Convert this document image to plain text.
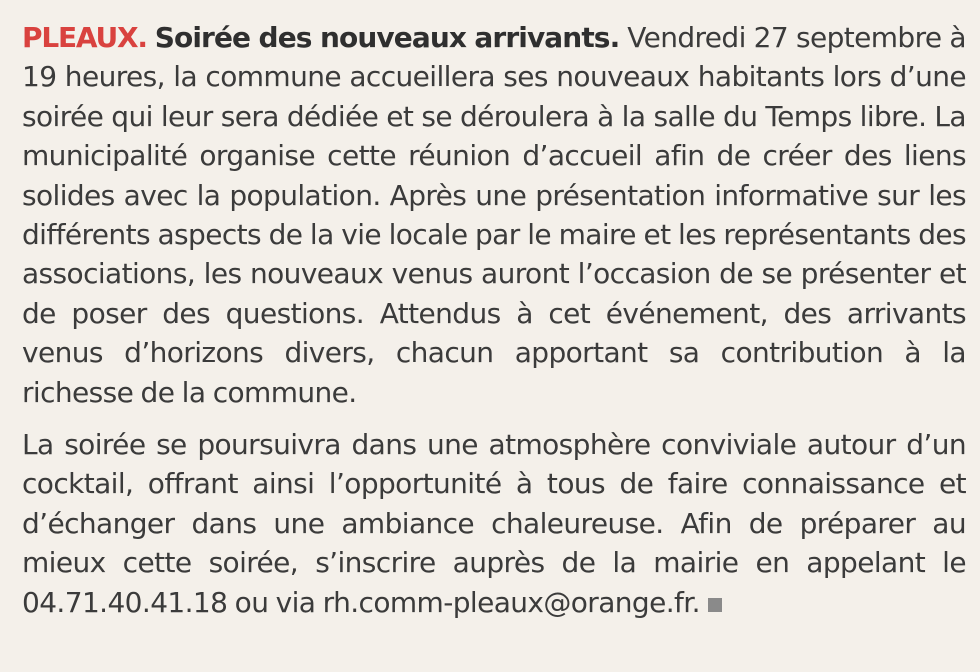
PLEAUX. Soirée des nouveaux arrivants. Vendredi 27 septembre à 19 heures, la commune accueillera ses nouveaux habitants lors d’une soirée qui leur sera dédiée et se déroulera à la salle du Temps libre. La municipalité organise cette réunion d’accueil afin de créer des liens solides avec la population. Après une présentation informative sur les différents aspects de la vie locale par le maire et les représentants des associations, les nouveaux venus auront l’occasion de se présenter et de poser des questions. Attendus à cet événement, des arrivants venus d’horizons divers, chacun apportant sa contribution à la richesse de la commune.

La soirée se poursuivra dans une atmosphère conviviale autour d’un cocktail, offrant ainsi l’opportunité à tous de faire connaissance et d’échanger dans une ambiance chaleureuse. Afin de préparer au mieux cette soirée, s’inscrire auprès de la mairie en appelant le 04.71.40.41.18 ou via rh.comm-pleaux@orange.fr.
